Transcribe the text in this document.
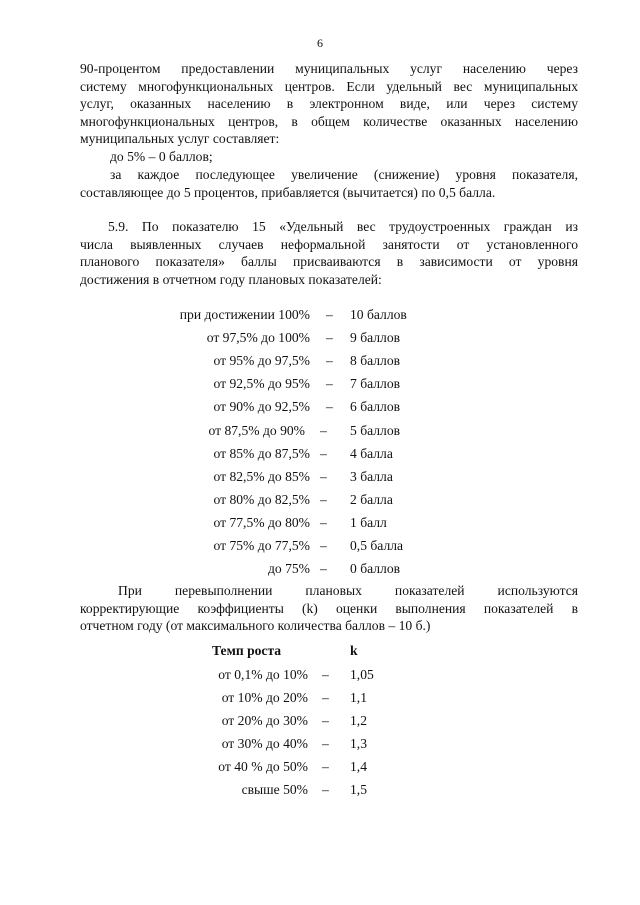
6

90-процентом предоставлении муниципальных услуг населению через
систему многофункциональных центров. Если удельный вес муниципальных
услуг, оказанных населению в электронном виде, или через систему
многофункциональных центров, в общем количестве оказанных населению
муниципальных услуг составляет:

до 5% – 0 баллов;

за каждое последующее увеличение (снижение) уровня показателя,
составляющее до 5 процентов, прибавляется (вычитается) по 0,5 балла.

5.9. По показателю 15 «Удельный вес трудоустроенных граждан из
числа выявленных случаев неформальной занятости от установленного
планового показателя» баллы присваиваются в зависимости от уровня
достижения в отчетном году плановых показателей:

при достижении 100% – 10 баллов
от 97,5% до 100% – 9 баллов
от 95% до 97,5% – 8 баллов
от 92,5% до 95% – 7 баллов
от 90% до 92,5% – 6 баллов
от 87,5% до 90% – 5 баллов
от 85% до 87,5% – 4 балла
от 82,5% до 85% – 3 балла
от 80% до 82,5% – 2 балла
от 77,5% до 80% – 1 балл
от 75% до 77,5% – 0,5 балла
до 75% – 0 баллов

При перевыполнении плановых показателей используются
корректирующие коэффициенты (k) оценки выполнения показателей в
отчетном году (от максимального количества баллов – 10 б.)

Темп роста	k
от 0,1% до 10% – 1,05
от 10% до 20% – 1,1
от 20% до 30% – 1,2
от 30% до 40% – 1,3
от 40 % до 50% – 1,4
свыше 50% – 1,5
